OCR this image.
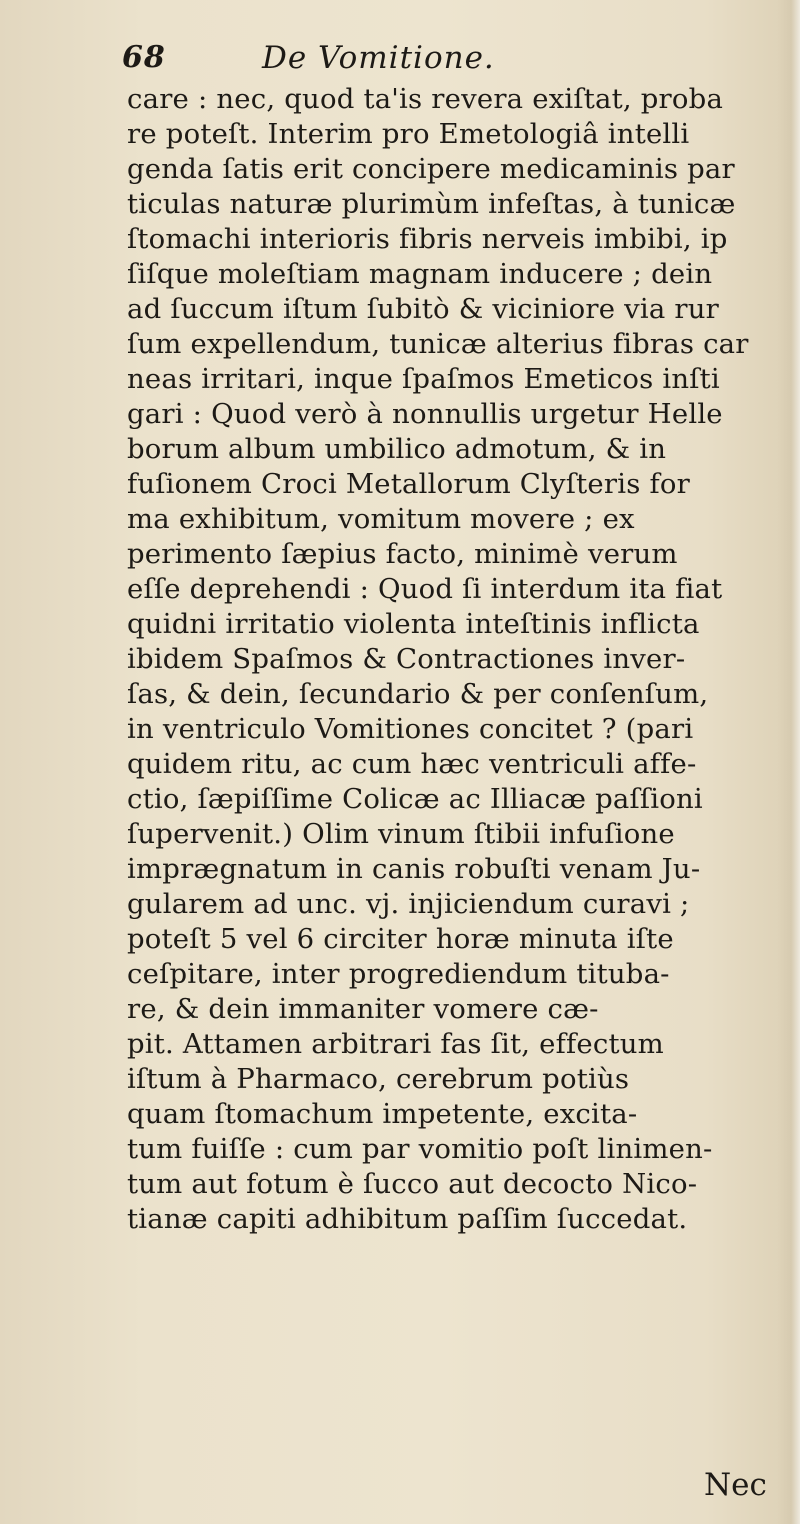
68	De Vomitione.
care : nec, quod ta'is revera exiſtat, proba
re poteſt. Interim pro Emetologiâ intelli
genda ſatis erit concipere medicaminis par
ticulas naturæ plurimùm infeſtas, à tunicæ
ſtomachi interioris fibris nerveis imbibi, ip
ſiſque moleſtiam magnam inducere ; dein
ad ſuccum iſtum ſubitò & viciniore via rur
ſum expellendum, tunicæ alterius fibras car
neas irritari, inque ſpaſmos Emeticos inſti
gari : Quod verò à nonnullis urgetur Helle
borum album umbilico admotum, & in
fuſionem Croci Metallorum Clyſteris for
ma exhibitum, vomitum movere ; ex
perimento ſæpius facto, minimè verum
eſſe deprehendi : Quod ſi interdum ita fiat
quidni irritatio violenta inteſtinis inflicta
ibidem Spaſmos & Contractiones inver-
ſas, & dein, ſecundario & per conſenſum,
in ventriculo Vomitiones concitet ? (pari
quidem ritu, ac cum hæc ventriculi affe-
ctio, ſæpiſſime Colicæ ac Illiacæ paſſioni
ſupervenit.) Olim vinum ſtibii infuſione
imprægnatum in canis robuſti venam Ju-
gularem ad unc. vj. injiciendum curavi ;
poteſt 5 vel 6 circiter horæ minuta iſte
ceſpitare, inter progrediendum tituba-
re, & dein immaniter vomere cæ-
pit. Attamen arbitrari fas ſit, effectum
iſtum à Pharmaco, cerebrum potiùs
quam ſtomachum impetente, excita-
tum fuiſſe : cum par vomitio poſt linimen-
tum aut fotum è ſucco aut decocto Nico-
tianæ capiti adhibitum paſſim ſuccedat.
Nec
